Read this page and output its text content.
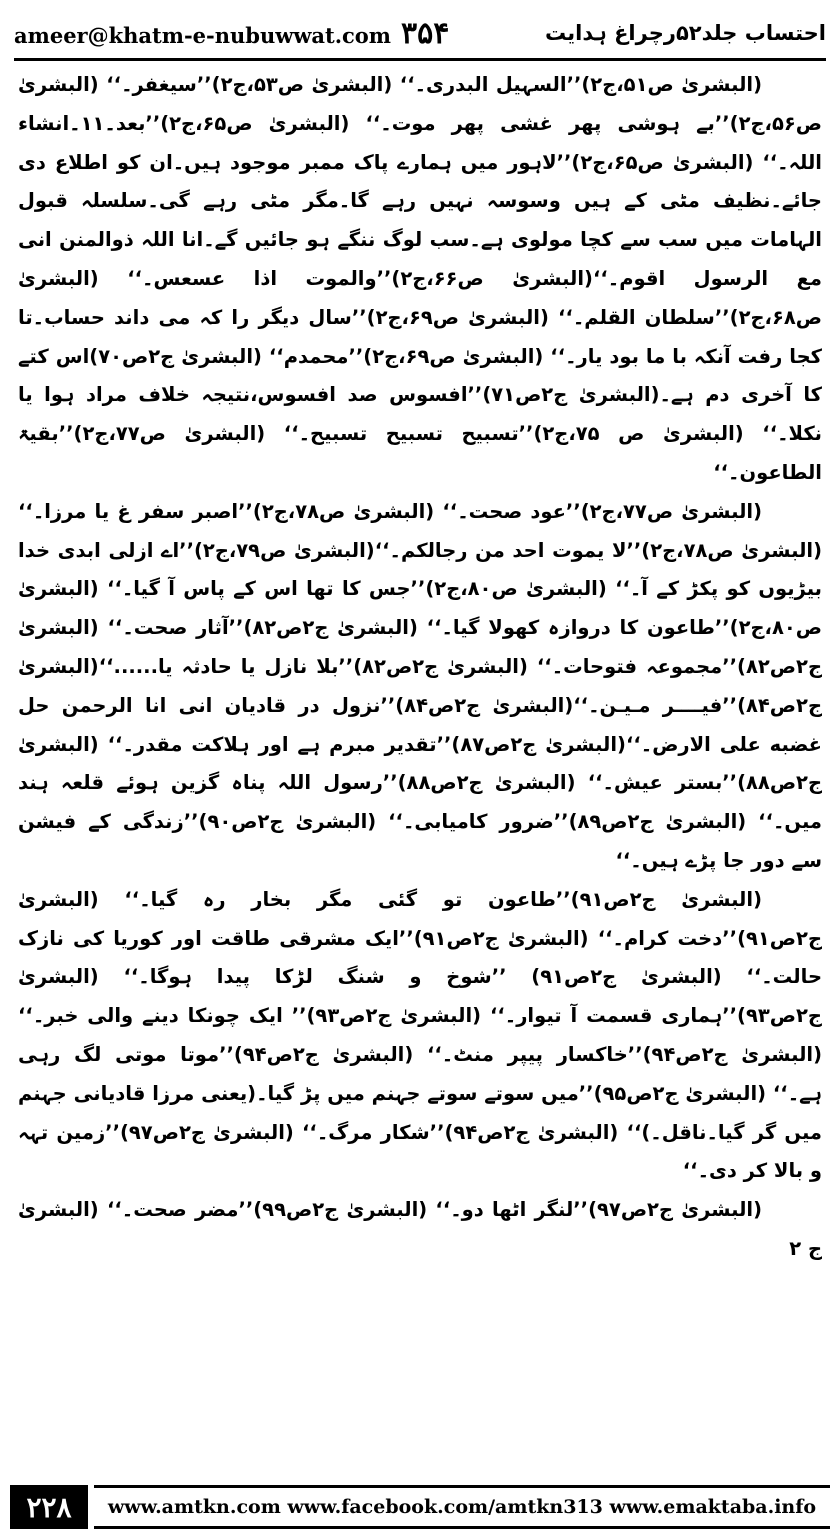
ameer@khatm-e-nubuwwat.com ۳۵۴	احتساب جلد۵۲رچراغ ہدایت

(البشریٰ ص۵۱،ج۲)’’السہیل البدری۔‘‘ (البشریٰ ص۵۳،ج۲)’’سیغفر۔‘‘ (البشریٰ ص۵۶،ج۲)’’بے ہوشی پھر غشی پھر موت۔‘‘ (البشریٰ ص۶۵،ج۲)’’بعد۔۱۱۔انشاء اللہ۔‘‘ (البشریٰ ص۶۵،ج۲)’’لاہور میں ہمارے پاک ممبر موجود ہیں۔ان کو اطلاع دی جائے۔نظیف مٹی کے ہیں وسوسہ نہیں رہے گا۔مگر مٹی رہے گی۔سلسلہ قبول الہامات میں سب سے کچا مولوی ہے۔سب لوگ ننگے ہو جائیں گے۔انا اللہ ذوالمنن انی مع الرسول اقوم۔‘‘(البشریٰ ص۶۶،ج۲)’’والموت اذا عسعس۔‘‘ (البشریٰ ص۶۸،ج۲)’’سلطان القلم۔‘‘ (البشریٰ ص۶۹،ج۲)’’سال دیگر را کہ می داند حساب۔تا کجا رفت آنکہ با ما بود یار۔‘‘ (البشریٰ ص۶۹،ج۲)’’محمدم‘‘ (البشریٰ ج۲ص۷۰)اس کتے کا آخری دم ہے۔(البشریٰ ج۲ص۷۱)’’افسوس صد افسوس،نتیجہ خلاف مراد ہوا یا نکلا۔‘‘ (البشریٰ ص ۷۵،ج۲)’’تسبیح تسبیح تسبیح۔‘‘ (البشریٰ ص۷۷،ج۲)’’بقیۃ الطاعون۔‘‘

(البشریٰ ص۷۷،ج۲)’’عود صحت۔‘‘ (البشریٰ ص۷۸،ج۲)’’اصبر سفر غ یا مرزا۔‘‘ (البشریٰ ص۷۸،ج۲)’’لا یموت احد من رجالکم۔‘‘(البشریٰ ص۷۹،ج۲)’’اے ازلی ابدی خدا بیڑیوں کو پکڑ کے آ۔‘‘ (البشریٰ ص۸۰،ج۲)’’جس کا تھا اس کے پاس آ گیا۔‘‘ (البشریٰ ص۸۰،ج۲)’’طاعون کا دروازہ کھولا گیا۔‘‘ (البشریٰ ج۲ص۸۲)’’آثار صحت۔‘‘ (البشریٰ ج۲ص۸۲)’’مجموعہ فتوحات۔‘‘ (البشریٰ ج۲ص۸۲)’’بلا نازل یا حادثہ یا......‘‘(البشریٰ ج۲ص۸۴)’’فیــــر مـیـن۔‘‘(البشریٰ ج۲ص۸۴)’’نزول در قادیان انی انا الرحمن حل غضبه علی الارض۔‘‘(البشریٰ ج۲ص۸۷)’’تقدیر مبرم ہے اور ہلاکت مقدر۔‘‘ (البشریٰ ج۲ص۸۸)’’بستر عیش۔‘‘ (البشریٰ ج۲ص۸۸)’’رسول اللہ پناہ گزین ہوئے قلعہ ہند میں۔‘‘ (البشریٰ ج۲ص۸۹)’’ضرور کامیابی۔‘‘ (البشریٰ ج۲ص۹۰)’’زندگی کے فیشن سے دور جا پڑے ہیں۔‘‘

(البشریٰ ج۲ص۹۱)’’طاعون تو گئی مگر بخار رہ گیا۔‘‘ (البشریٰ ج۲ص۹۱)’’دخت کرام۔‘‘ (البشریٰ ج۲ص۹۱)’’ایک مشرقی طاقت اور کوریا کی نازک حالت۔‘‘ (البشریٰ ج۲ص۹۱) ’’شوخ و شنگ لڑکا پیدا ہوگا۔‘‘ (البشریٰ ج۲ص۹۳)’’ہماری قسمت آ تیوار۔‘‘ (البشریٰ ج۲ص۹۳)’’ ایک چونکا دینے والی خبر۔‘‘ (البشریٰ ج۲ص۹۴)’’خاکسار پیپر منٹ۔‘‘ (البشریٰ ج۲ص۹۴)’’موتا موتی لگ رہی ہے۔‘‘ (البشریٰ ج۲ص۹۵)’’میں سوتے سوتے جہنم میں پڑ گیا۔(یعنی مرزا قادیانی جہنم میں گر گیا۔ناقل۔)‘‘ (البشریٰ ج۲ص۹۴)’’شکار مرگ۔‘‘ (البشریٰ ج۲ص۹۷)’’زمین تہہ و بالا کر دی۔‘‘

(البشریٰ ج۲ص۹۷)’’لنگر اٹھا دو۔‘‘ (البشریٰ ج۲ص۹۹)’’مضر صحت۔‘‘ (البشریٰ ج ۲

۲۲۸	www.amtkn.com www.facebook.com/amtkn313 www.emaktaba.info
